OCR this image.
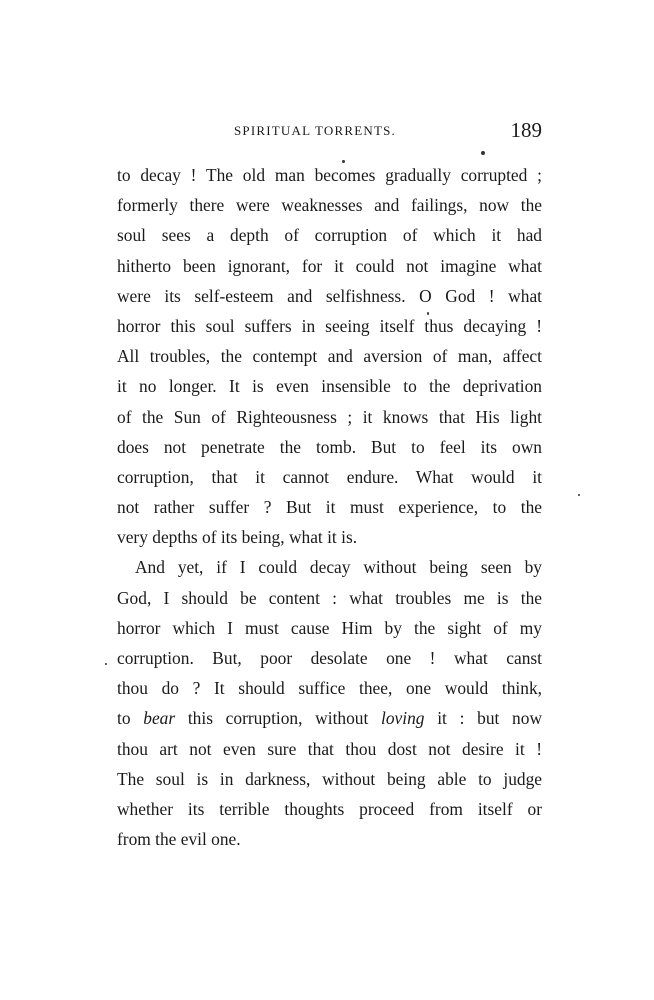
SPIRITUAL TORRENTS.	189
to decay ! The old man becomes gradually corrupted ;
formerly there were weaknesses and failings, now the
soul sees a depth of corruption of which it had
hitherto been ignorant, for it could not imagine what
were its self-esteem and selfishness. O God ! what
horror this soul suffers in seeing itself thus decaying !
All troubles, the contempt and aversion of man, affect
it no longer. It is even insensible to the deprivation
of the Sun of Righteousness ; it knows that His light
does not penetrate the tomb. But to feel its own
corruption, that it cannot endure. What would it
not rather suffer ? But it must experience, to the
very depths of its being, what it is.
And yet, if I could decay without being seen by
God, I should be content : what troubles me is the
horror which I must cause Him by the sight of my
corruption. But, poor desolate one ! what canst
thou do ? It should suffice thee, one would think,
to bear this corruption, without loving it : but now
thou art not even sure that thou dost not desire it !
The soul is in darkness, without being able to judge
whether its terrible thoughts proceed from itself or
from the evil one.
